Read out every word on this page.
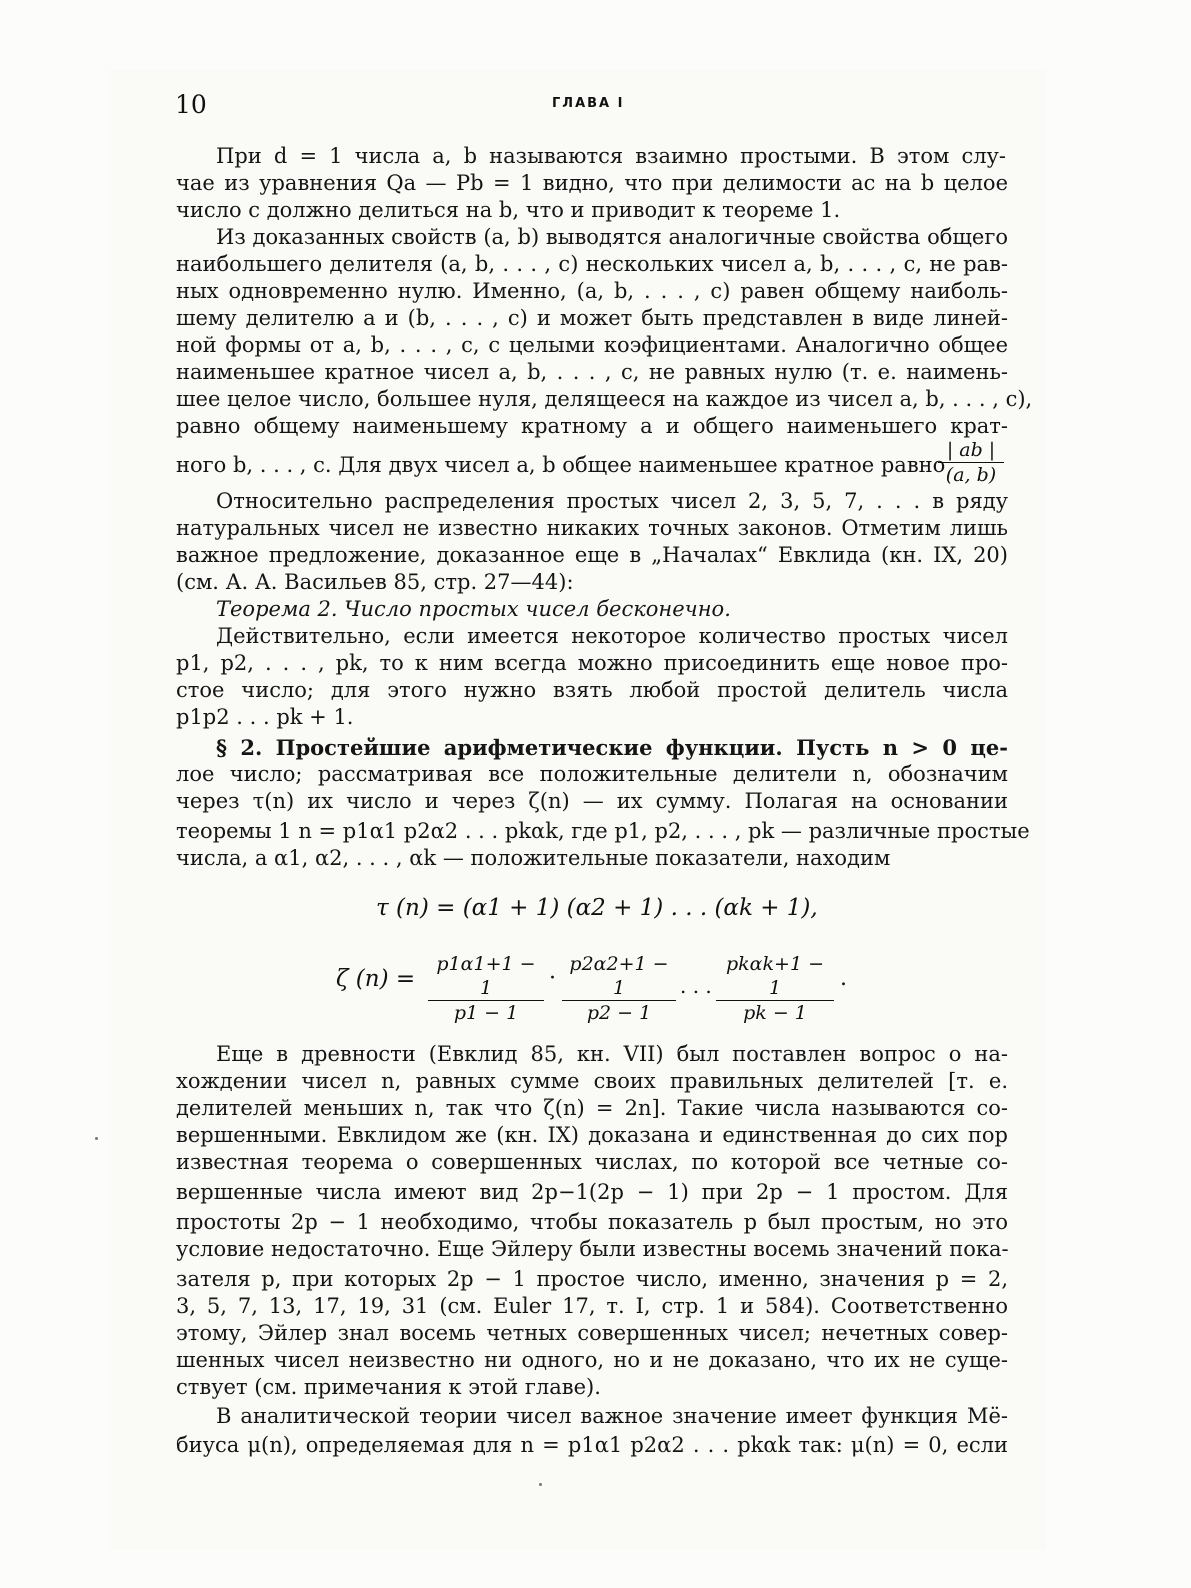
10	ГЛАВА I
При d = 1 числа a, b называются взаимно простыми. В этом слу-
чае из уравнения Qa — Pb = 1 видно, что при делимости ac на b целое
число c должно делиться на b, что и приводит к теореме 1.
Из доказанных свойств (a, b) выводятся аналогичные свойства общего
наибольшего делителя (a, b, . . . , c) нескольких чисел a, b, . . . , c, не рав-
ных одновременно нулю. Именно, (a, b, . . . , c) равен общему наиболь-
шему делителю a и (b, . . . , c) и может быть представлен в виде линей-
ной формы от a, b, . . . , c, с целыми коэфициентами. Аналогично общее
наименьшее кратное чисел a, b, . . . , c, не равных нулю (т. е. наимень-
шее целое число, большее нуля, делящееся на каждое из чисел a, b, . . . , c),
равно общему наименьшему кратному a и общего наименьшего крат-
ного b, . . . , c. Для двух чисел a, b общее наименьшее кратное равно
$\frac{| ab |}{(a, b)}$
Относительно распределения простых чисел 2, 3, 5, 7, . . . в ряду
натуральных чисел не известно никаких точных законов. Отметим лишь
важное предложение, доказанное еще в „Началах“ Евклида (кн. IX, 20)
(см. А. А. Васильев 85, стр. 27—44):
Теорема 2. Число простых чисел бесконечно.
Действительно, если имеется некоторое количество простых чисел
p1, p2, . . . , pk, то к ним всегда можно присоединить еще новое про-
стое число; для этого нужно взять любой простой делитель числа
p1p2 . . . pk + 1.
§ 2. Простейшие арифметические функции. Пусть n > 0 це-
лое число; рассматривая все положительные делители n, обозначим
через τ(n) их число и через ζ(n) — их сумму. Полагая на основании
теоремы 1 n = p1α1 p2α2 . . . pkαk, где p1, p2, . . . , pk — различные простые
числа, а α1, α2, . . . , αk — положительные показатели, находим
τ (n) = (α1 + 1) (α2 + 1) . . . (αk + 1),
ζ $(n) = \frac{p1\alpha 1+1 - 1}{p1 - 1} \cdot \frac{p2\alpha 2+1 - 1}{p2 - 1}$ . . .
pkαk+1 − 1
pk − 1
.
Еще в древности (Евклид 85, кн. VII) был поставлен вопрос о на-
хождении чисел n, равных сумме своих правильных делителей [т. е.
делителей меньших n, так что ζ(n) = 2n]. Такие числа называются со-
вершенными. Евклидом же (кн. IX) доказана и единственная до сих пор
известная теорема о совершенных числах, по которой все четные со-
вершенные числа имеют вид 2p−1(2p − 1) при 2p − 1 простом. Для
простоты 2p − 1 необходимо, чтобы показатель p был простым, но это
условие недостаточно. Еще Эйлеру были известны восемь значений пока-
зателя p, при которых 2p − 1 простое число, именно, значения p = 2,
3, 5, 7, 13, 17, 19, 31 (см. Euler 17, т. I, стр. 1 и 584). Соответственно
этому, Эйлер знал восемь четных совершенных чисел; нечетных совер-
шенных чисел неизвестно ни одного, но и не доказано, что их не суще-
ствует (см. примечания к этой главе).
В аналитической теории чисел важное значение имеет функция Мё-
биуса μ(n), определяемая для n = p1α1 p2α2 . . . pkαk так: μ(n) = 0, если
